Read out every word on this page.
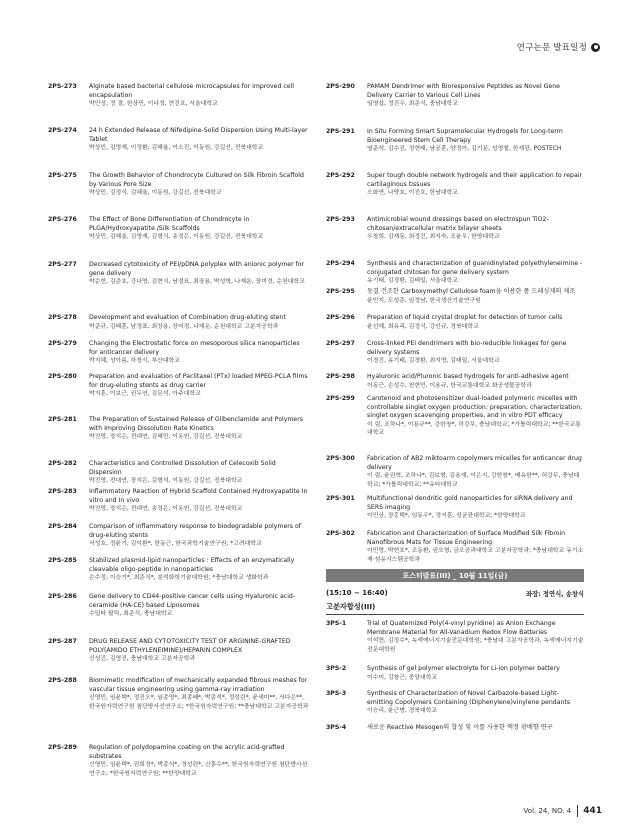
연구논문 발표일정
2PS-273	Alginate based bacterial cellulose microcapsules for improved cell encapsulation
박민성, 정 결, 한상민, 이다정, 현진호, 서울대학교
2PS-274	24 h Extended Release of Nifedipine-Solid Dispersion Using Multi-layer Tablet
박상민, 김영재, 이정환, 김혜율, 이소진, 이동원, 강길선, 전북대학교
2PS-275	The Growth Behavior of Chondrocyte Cultured on Silk Fibroin Scaffold by Various Pore Size
박상민, 김정식, 김혜율, 이동원, 강길선, 전북대학교
2PS-276	The Effect of Bone Differentiation of Chondrocyte in PLGA/Hydroxyapatite /Silk Scaffolds
박상민, 김혜율, 김영재, 김형식, 송정은, 이동원, 강길선, 전북대학교
2PS-277	Decreased cytotoxicity of PEI/pDNA polyplex with anionic polymer for gene delivery
박순현, 김준호, 강나영, 김현식, 남정표, 최장용, 박성혁, 나재운, 장미경, 순천대학교
2PS-278	Development and evaluation of Combination drug-eluting stent
박준규, 김태훈, 남정표, 최장용, 장미경, 나재운, 순천대학교 고분자공학과
2PS-279	Changing the Electrostatic force on mesoporous silica nanoparticles for anticancer delivery
박지혜, 성아름, 하창식, 부산대학교
2PS-280	Preparation and evaluation of Paclitaxel (PTx) loaded MPEG-PCLA films for drug-eluting stents as drug carrier
박지훈, 이보근, 권두연, 김문석, 아주대학교
2PS-281	The Preparation of Sustained Release of Glibenclamide and Polymers with Improving Dissolution Rate Kinetics
박진영, 장지은, 전대연, 김혜민, 이동원, 강길선, 전북대학교
2PS-282	Characteristics and Controlled Dissolution of Celecoxib Solid Dispersion
박진영, 전대연, 장지은, 김형석, 이동원, 강길선, 전북대학교
2PS-283	Inflammatory Reaction of Hybrid Scaffold Contained Hydroxyapatite In vitro and In vivo
박진영, 장지은, 전대연, 송정은, 이동원, 강길선, 전북대학교
2PS-284	Comparison of inflammatory response to biodegradable polymers of drug-eluting stents
서성호, 정윤기, 김익환*, 한동근, 한국과학기술연구원; *고려대학교
2PS-285	Stabilized plasmid-lipid nanoparticles : Effects of an enzymatically cleavable oligo-peptide in nanoparticles
손수정, 이승기*, 최준식*, 분석화학기술대학원; *충남대학교 생화학과
2PS-286	Gene delivery to CD44-positive cancer cells using Hyaluronic acid-ceramide (HA-CE) based Liposomes
수딥타 팔릭, 최준식, 충남대학교
2PS-287	DRUG RELEASE AND CYTOTOXICITY TEST OF ARGININE-GRAFTED POLY(AMIDO ETHYLENEIMINE)/HEPARIN COMPLEX
신성진, 김영진, 충남대학교 고분자공학과
2PS-288	Biomimetic modification of mechanically expanded fibrous meshes for vascular tissue engineering using gamma-ray irradiation
신영민, 임윤택*, 정진오*, 임종영*, 최종배*, 박종석*, 정성린*, 윤세미**, 서다은**, 한국원자력연구원 첨단방사선연구소; *한국원자력연구원; **충남대학교 고분자공학과
2PS-289	Regulation of polydopamine coating on the acrylic acid-grafted substrates
신영민, 임윤택*, 권희정*, 박종석*, 정성린*, 신흥수**, 한국원자력연구원 첨단방사선연구소; *한국원자력연구원; **한양대학교
2PS-290	PAMAM Dendrimer with Bioresponsive Peptides as Novel Gene Delivery Carrier to Various Cell Lines
임명섭, 정진우, 최준식, 충남대학교
2PS-291	In Situ Forming Smart Supramolecular Hydrogels for Long-term Bioengineered Stem Cell Therapy
염준석, 김수진, 정현태, 남궁훈, 양정아, 김기문, 성영철, 한세광, POSTECH
2PS-292	Super tough double network hydrogels and their application to repair cartilaginous tissues
오화연, 나양호, 이진호, 한남대학교
2PS-293	Antimicrobial wound dressings based on electrospun TiO2-chitosan/extracellular matrix bilayer sheets
우창희, 김재동, 최경진, 최지숙, 조윤우, 한양대학교
2PS-294	Synthesis and characterization of guanidinylated polyethyleneimine -conjugated chitosan for gene delivery system
유기태, 김경환, 김태일, 서울대학교
2PS-295	동결 건조한 Carboxymethyl Cellulose foam을 이용한 폼 드레싱재의 제조
윤민지, 도성준, 임정남, 한국생산기술연구원
2PS-296	Preparation of liquid crystal droplet for detection of tumor cells
윤선혜, 최유리, 김정식, 강인규, 경북대학교
2PS-297	Cross-linked PEI dendrimers with bio-reducible linkages for gene delivery systems
이경진, 유기태, 김경환, 최지영, 김태일, 서울대학교
2PS-298	Hyaluronic acid/Pluronic based hydrogels for anti-adhesive agent
이동근, 손성수, 천현민, 이용규, 한국교통대학교 화공생물공학과
2PS-299	Carotenoid and photosensitizer dual-loaded polymeric micelles with controllable singlet oxygen production: preparation, characterization, singlet oxygen scavenging properties, and in vitro PDT efficacy
이 림, 조하나*, 이용규**, 강한창*, 허강무, 충남대학교; *가톨릭대학교; **한국교통대학교
2PS-300	Fabrication of AB2 miktoarm copolymers micelles for anticancer drug delivery
이 림, 윤권혁, 조하나*, 김보형, 김용재, 이은지, 강한창*, 배유한**, 허강무, 충남대학교; *가톨릭대학교; **유타대학교
2PS-301	Multifunctional dendritic gold nanoparticles for siRNA delivery and SERS imaging
이민상, 장홍택*, 임동우*, 정지훈, 성균관대학교; *한양대학교
2PS-302	Fabrication and Characterization of Surface Modified Silk Fibroin Nanofibrous Mats for Tissue Engineering
이민영, 박현호*, 조동환, 권오형, 금오공과대학교 고분자공학과; *충남대학교 유기소재·섬유시스템공학과
포스터발표(III) _ 10월 11일(금)
(15:10 ~ 16:40)	좌장: 정연식, 송창식
고분자합성(III)
3PS-1	Trial of Quaternized Poly(4-vinyl pyridine) as Anion Exchange Membrane Material for All-Vanadium Redox Flow Batteries
이석현, 김정수*, 녹색에너지기술전문대학원; *충남대 고분자공학과, 녹색에너지기술전문대학원
3PS-2	Synthesis of gel polymer electrolyte for Li-ion polymer battery
이수미, 김창근, 중앙대학교
3PS-3	Synthesis of Characterization of Novel Carbazole-based Light-emitting Copolymers Containing (Diphenylene)vinylene pendants
이승리, 윤근병, 경북대학교
3PS-4	새로운 Reactive Mesogen의 합성 및 이를 사용한 액정 광배향 연구
Vol. 24, NO. 4	441
